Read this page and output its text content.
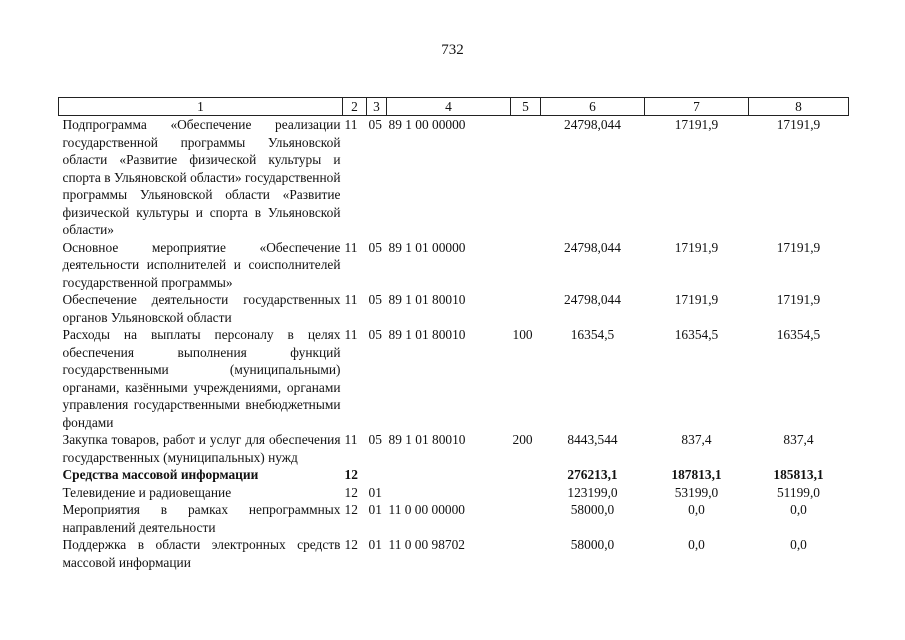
732
1	2	3	4	5	6	7	8
Подпрограмма «Обеспечение реализации государственной программы Ульяновской области «Развитие физической культуры и спорта в Ульяновской области» государственной программы Ульяновской области «Развитие физической культуры и спорта в Ульяновской области»	11	05	89 1 00 00000		24798,044	17191,9	17191,9
Основное мероприятие «Обеспечение деятельности исполнителей и соисполнителей государственной программы»	11	05	89 1 01 00000		24798,044	17191,9	17191,9
Обеспечение деятельности государственных органов Ульяновской области	11	05	89 1 01 80010		24798,044	17191,9	17191,9
Расходы на выплаты персоналу в целях обеспечения выполнения функций государственными (муниципальными) органами, казёнными учреждениями, органами управления государственными внебюджетными фондами	11	05	89 1 01 80010	100	16354,5	16354,5	16354,5
Закупка товаров, работ и услуг для обеспечения государственных (муниципальных) нужд	11	05	89 1 01 80010	200	8443,544	837,4	837,4
Средства массовой информации	12				276213,1	187813,1	185813,1
Телевидение и радиовещание	12	01			123199,0	53199,0	51199,0
Мероприятия в рамках непрограммных направлений деятельности	12	01	11 0 00 00000		58000,0	0,0	0,0
Поддержка в области электронных средств массовой информации	12	01	11 0 00 98702		58000,0	0,0	0,0
